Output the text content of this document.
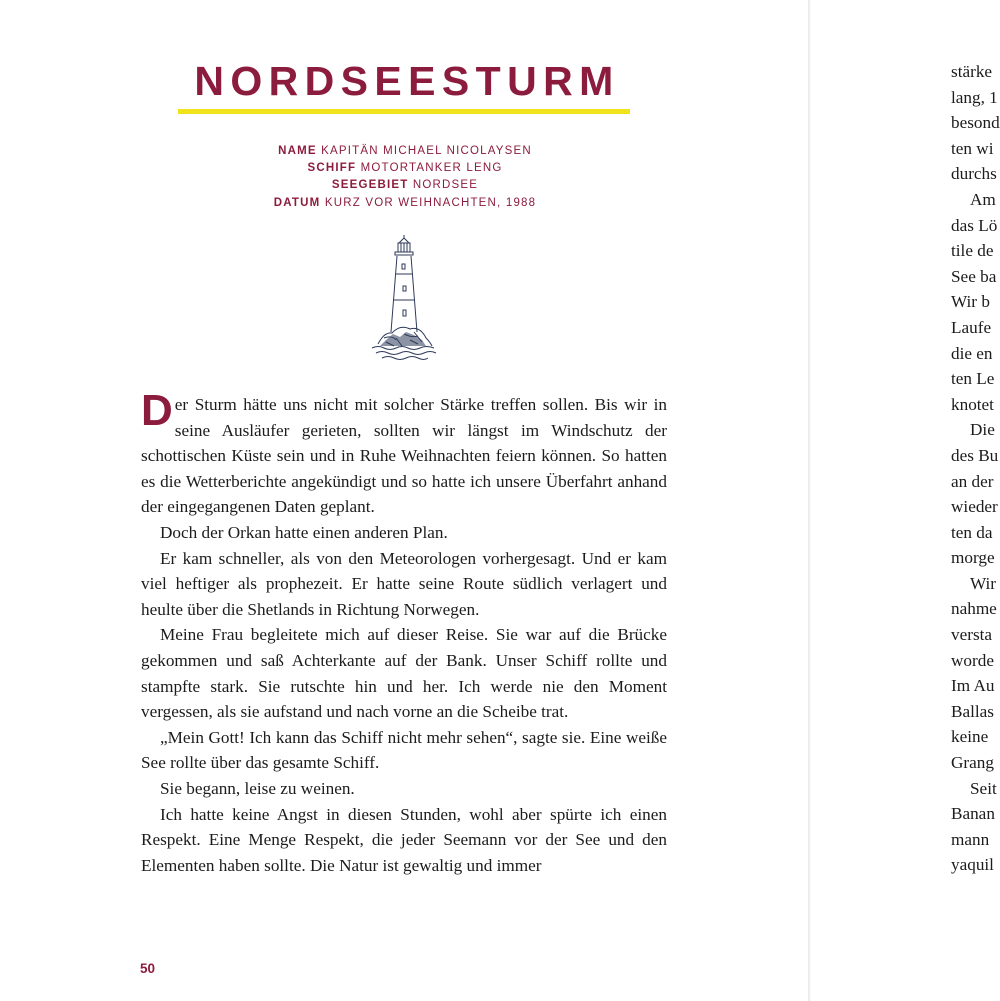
NORDSEESTURM
NAME KAPITÄN MICHAEL NICOLAYSEN
SCHIFF MOTORTANKER LENG
SEEGEBIET NORDSEE
DATUM KURZ VOR WEIHNACHTEN, 1988

Der Sturm hätte uns nicht mit solcher Stärke treffen sollen. Bis wir in seine Ausläufer gerieten, sollten wir längst im Windschutz der schottischen Küste sein und in Ruhe Weihnachten feiern können. So hatten es die Wetterberichte angekündigt und so hatte ich unsere Überfahrt anhand der eingegangenen Daten geplant.

Doch der Orkan hatte einen anderen Plan.

Er kam schneller, als von den Meteorologen vorhergesagt. Und er kam viel heftiger als prophezeit. Er hatte seine Route südlich verlagert und heulte über die Shetlands in Richtung Norwegen.

Meine Frau begleitete mich auf dieser Reise. Sie war auf die Brücke gekommen und saß Achterkante auf der Bank. Unser Schiff rollte und stampfte stark. Sie rutschte hin und her. Ich werde nie den Moment vergessen, als sie aufstand und nach vorne an die Scheibe trat.

„Mein Gott! Ich kann das Schiff nicht mehr sehen“, sagte sie. Eine weiße See rollte über das gesamte Schiff.

Sie begann, leise zu weinen.

Ich hatte keine Angst in diesen Stunden, wohl aber spürte ich einen Respekt. Eine Menge Respekt, die jeder Seemann vor der See und den Elementen haben sollte. Die Natur ist gewaltig und immer

50
stärke
lang, 1
besond
ten wi
durchs
Am
das Lö
tile de
See ba
Wir b
Laufe
die en
ten Le
knotet
Die
des Bu
an der
wieder
ten da
morge
Wir
nahme
versta
worde
Im Au
Ballas
keine
Grang
Seit
Banan
mann
yaquil
